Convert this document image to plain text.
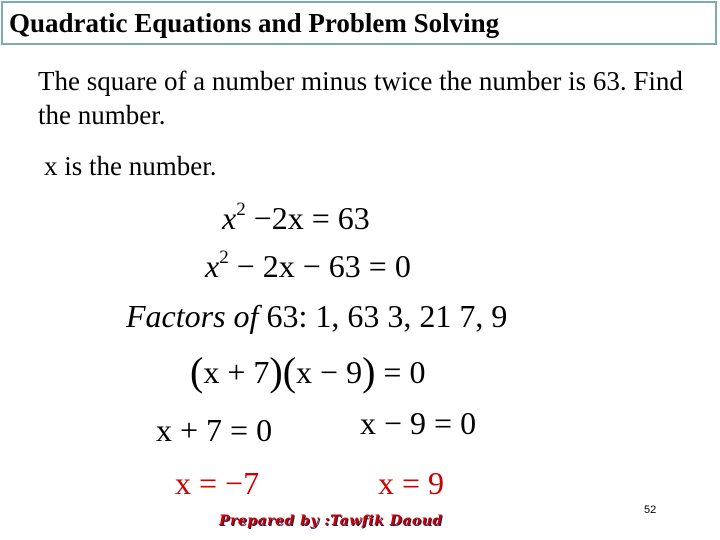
Quadratic Equations and Problem Solving

The square of a number minus twice the number is 63. Find the number.

x is the number.

$x^2 -2x = 63$
$x^2 - 2x - 63 = 0$
Factors of 63: 1, 63 3, 21 7, 9
(x + 7)(x − 9) = 0
x + 7 = 0	x − 9 = 0
x = −7	x = 9
Prepared by :Tawfik Daoud
52
